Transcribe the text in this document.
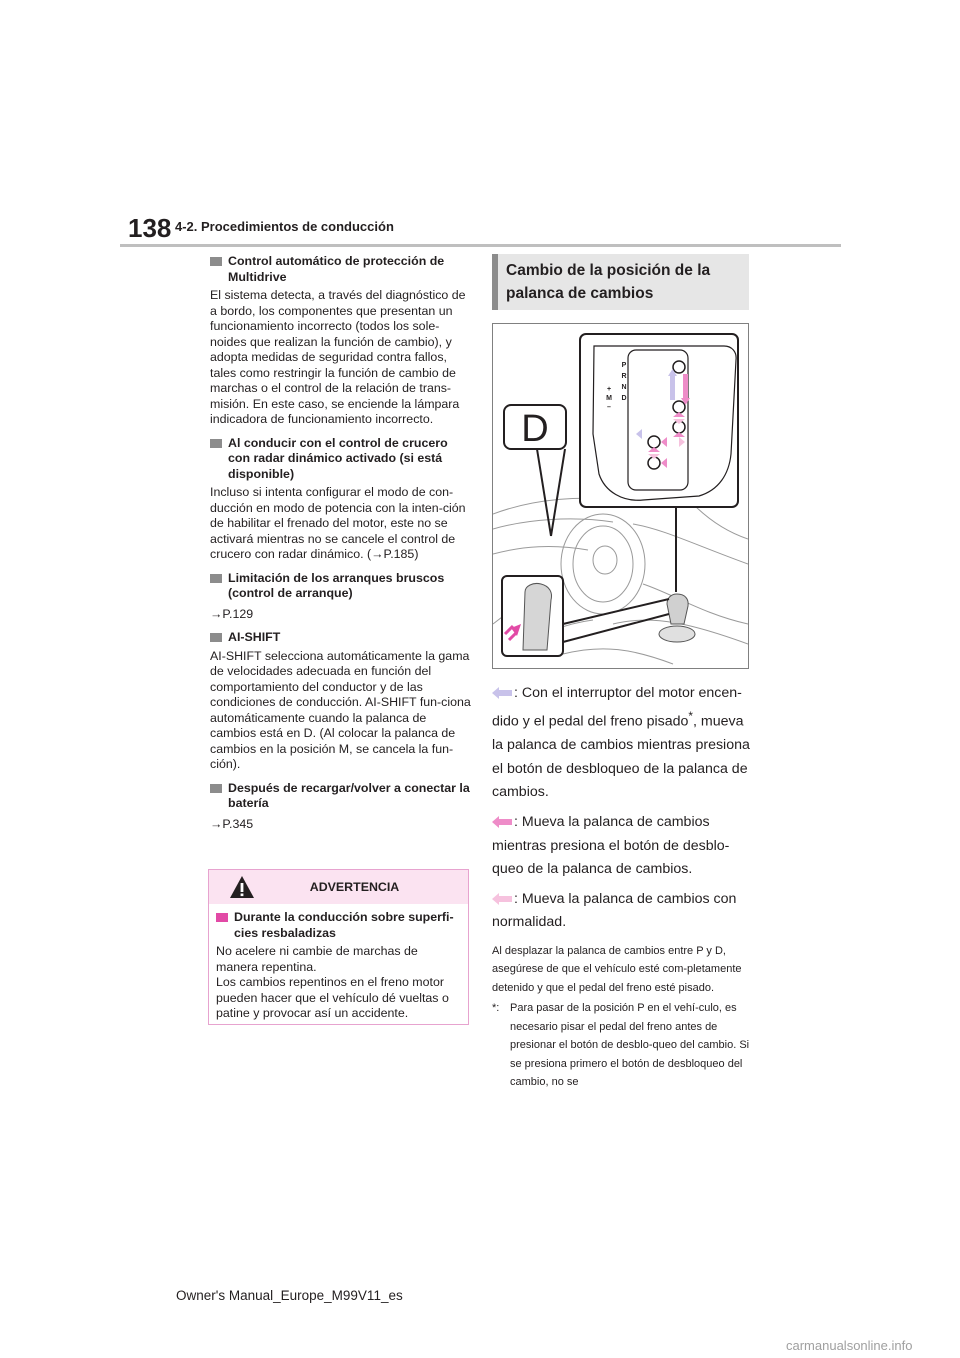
138 4-2. Procedimientos de conducción
Control automático de protección de Multidrive
El sistema detecta, a través del diagnóstico de a bordo, los componentes que presentan un funcionamiento incorrecto (todos los sole-noides que realizan la función de cambio), y adopta medidas de seguridad contra fallos, tales como restringir la función de cambio de marchas o el control de la relación de trans-misión. En este caso, se enciende la lámpara indicadora de funcionamiento incorrecto.
Al conducir con el control de crucero con radar dinámico activado (si está disponible)
Incluso si intenta configurar el modo de con-ducción en modo de potencia con la inten-ción de habilitar el frenado del motor, este no se activará mientras no se cancele el control de crucero con radar dinámico. (→P.185)
Limitación de los arranques bruscos (control de arranque)
→P.129
AI-SHIFT
AI-SHIFT selecciona automáticamente la gama de velocidades adecuada en función del comportamiento del conductor y de las condiciones de conducción. AI-SHIFT fun-ciona automáticamente cuando la palanca de cambios está en D. (Al colocar la palanca de cambios en la posición M, se cancela la fun-ción).
Después de recargar/volver a conectar la batería
→P.345
ADVERTENCIA
Durante la conducción sobre superfi-cies resbaladizas
No acelere ni cambie de marchas de manera repentina.
Los cambios repentinos en el freno motor pueden hacer que el vehículo dé vueltas o patine y provocar así un accidente.
Cambio de la posición de la palanca de cambios
D
P
R
N
D
+
M
–
: Con el interruptor del motor encen-dido y el pedal del freno pisado*, mueva la palanca de cambios mientras presiona el botón de desbloqueo de la palanca de cambios.
: Mueva la palanca de cambios mientras presiona el botón de desblo-queo de la palanca de cambios.
: Mueva la palanca de cambios con normalidad.
Al desplazar la palanca de cambios entre P y D, asegúrese de que el vehículo esté com-pletamente detenido y que el pedal del freno esté pisado.
*: Para pasar de la posición P en el vehí-culo, es necesario pisar el pedal del freno antes de presionar el botón de desblo-queo del cambio. Si se presiona primero el botón de desbloqueo del cambio, no se
Owner's Manual_Europe_M99V11_es
carmanualsonline.info
